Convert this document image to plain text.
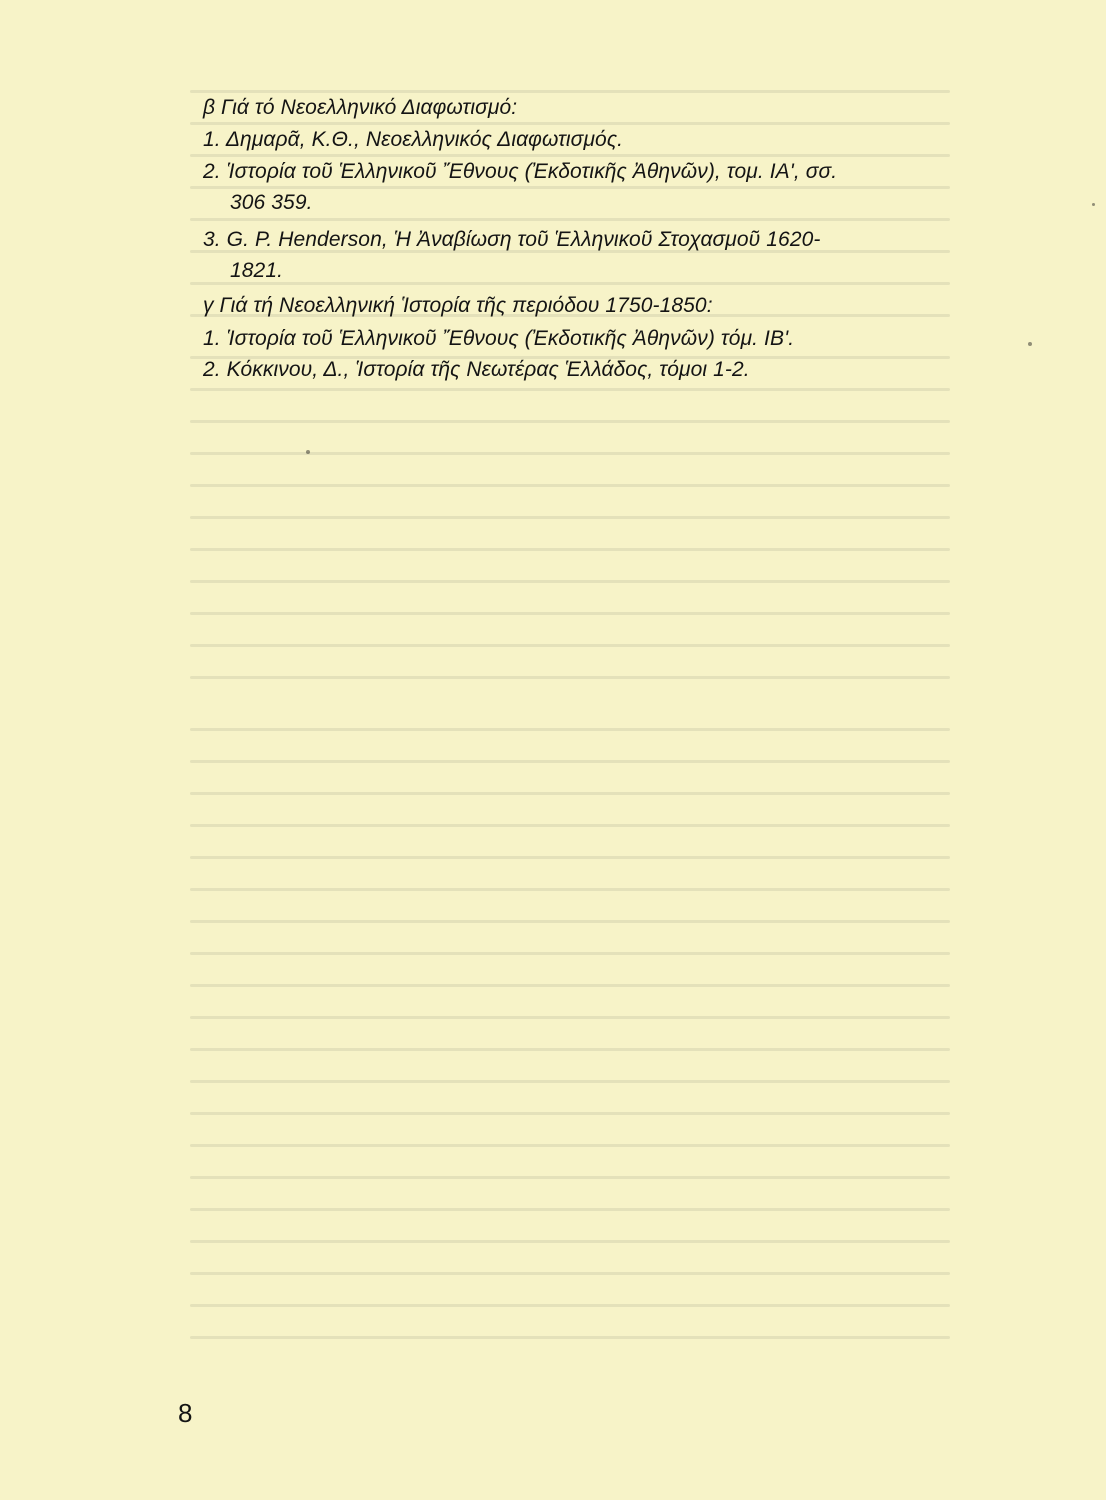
β Γιά τό Νεοελληνικό Διαφωτισμό:
1. Δημαρᾶ, Κ.Θ., Νεοελληνικός Διαφωτισμός.
2. Ἱστορία τοῦ Ἑλληνικοῦ Ἔθνους (Ἐκδοτικῆς Ἀθηνῶν), τομ. ΙΑ', σσ.
306 359.
3. G. P. Henderson, Ἡ Ἀναβίωση τοῦ Ἑλληνικοῦ Στοχασμοῦ 1620-
1821.
γ Γιά τή Νεοελληνική Ἱστορία τῆς περιόδου 1750-1850:
1. Ἱστορία τοῦ Ἑλληνικοῦ Ἔθνους (Ἐκδοτικῆς Ἀθηνῶν) τόμ. ΙΒ'.
2. Κόκκινου, Δ., Ἱστορία τῆς Νεωτέρας Ἑλλάδος, τόμοι 1-2.
8
